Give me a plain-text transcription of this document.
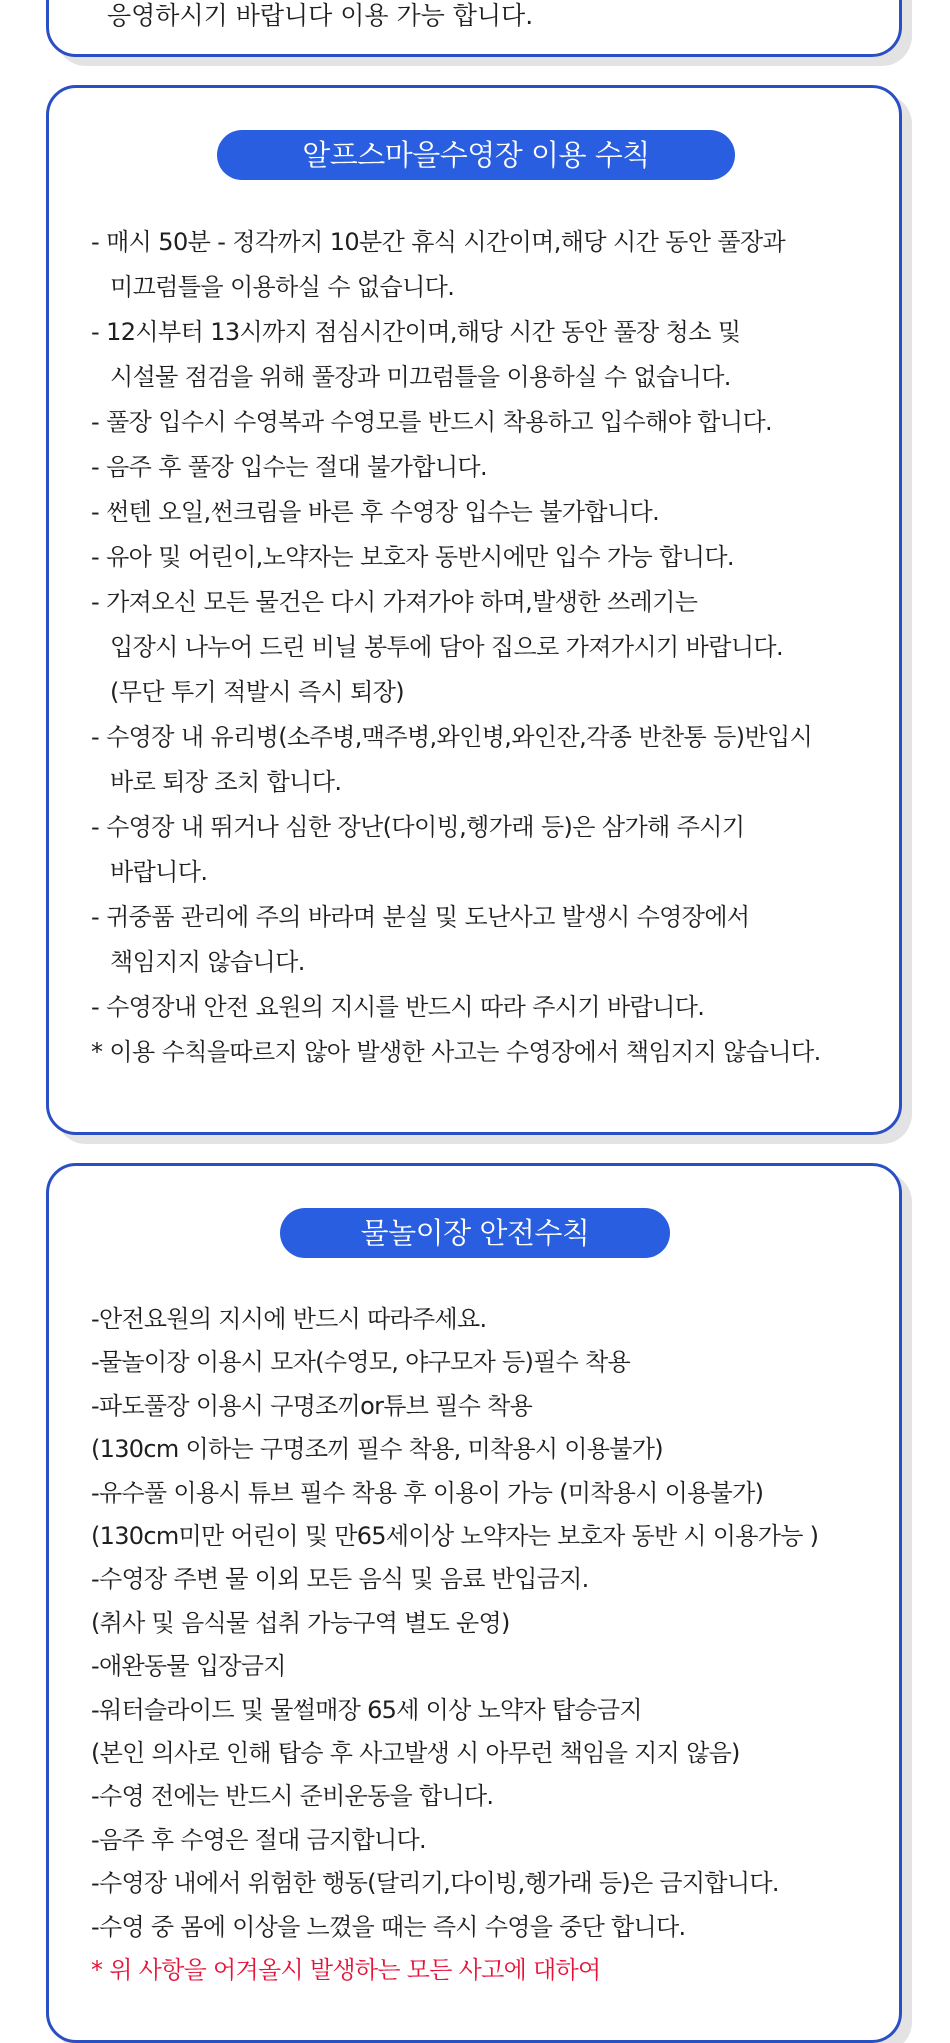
응영하시기 바랍니다 이용 가능 합니다.
알프스마을수영장 이용 수칙
- 매시 50분 - 정각까지 10분간 휴식 시간이며,해당 시간 동안 풀장과
미끄럼틀을 이용하실 수 없습니다.
- 12시부터 13시까지 점심시간이며,해당 시간 동안 풀장 청소 및
시설물 점검을 위해 풀장과 미끄럼틀을 이용하실 수 없습니다.
- 풀장 입수시 수영복과 수영모를 반드시 착용하고 입수해야 합니다.
- 음주 후 풀장 입수는 절대 불가합니다.
- 썬텐 오일,썬크림을 바른 후 수영장 입수는 불가합니다.
- 유아 및 어린이,노약자는 보호자 동반시에만 입수 가능 합니다.
- 가져오신 모든 물건은 다시 가져가야 하며,발생한 쓰레기는
입장시 나누어 드린 비닐 봉투에 담아 집으로 가져가시기 바랍니다.
(무단 투기 적발시 즉시 퇴장)
- 수영장 내 유리병(소주병,맥주병,와인병,와인잔,각종 반찬통 등)반입시
바로 퇴장 조치 합니다.
- 수영장 내 뛰거나 심한 장난(다이빙,헹가래 등)은 삼가해 주시기
바랍니다.
- 귀중품 관리에 주의 바라며 분실 및 도난사고 발생시 수영장에서
책임지지 않습니다.
- 수영장내 안전 요원의 지시를 반드시 따라 주시기 바랍니다.
* 이용 수칙을따르지 않아 발생한 사고는 수영장에서 책임지지 않습니다.
물놀이장 안전수칙
-안전요원의 지시에 반드시 따라주세요.
-물놀이장 이용시 모자(수영모, 야구모자 등)필수 착용
-파도풀장 이용시 구명조끼or튜브 필수 착용
(130cm 이하는 구명조끼 필수 착용, 미착용시 이용불가)
-유수풀 이용시 튜브 필수 착용 후 이용이 가능 (미착용시 이용불가)
(130cm미만 어린이 및 만65세이상 노약자는 보호자 동반 시 이용가능 )
-수영장 주변 물 이외 모든 음식 및 음료 반입금지.
(취사 및 음식물 섭취 가능구역 별도 운영)
-애완동물 입장금지
-워터슬라이드 및 물썰매장 65세 이상 노약자 탑승금지
(본인 의사로 인해 탑승 후 사고발생 시 아무런 책임을 지지 않음)
-수영 전에는 반드시 준비운동을 합니다.
-음주 후 수영은 절대 금지합니다.
-수영장 내에서 위험한 행동(달리기,다이빙,헹가래 등)은 금지합니다.
-수영 중 몸에 이상을 느꼈을 때는 즉시 수영을 중단 합니다.
* 위 사항을 어겨올시 발생하는 모든 사고에 대하여
